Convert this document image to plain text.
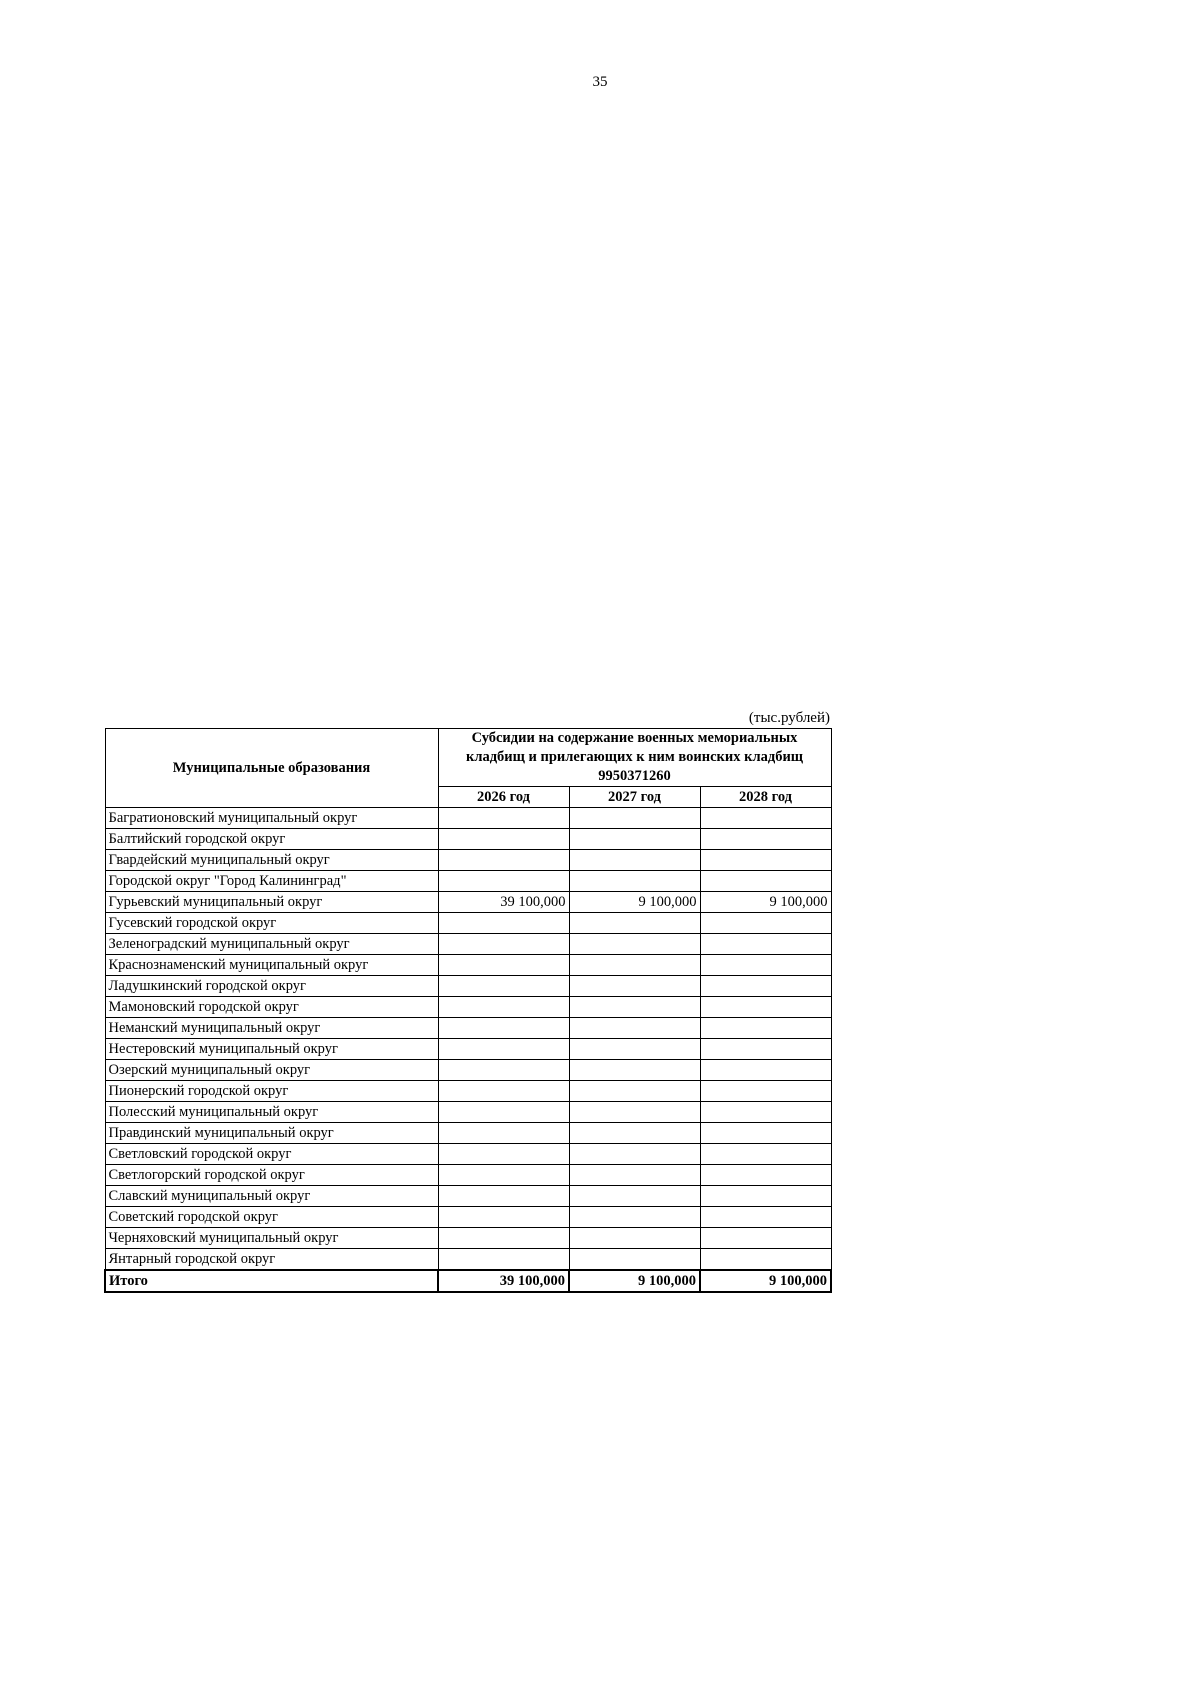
35
(тыс.рублей)
Муниципальные образования	Субсидии на содержание военных мемориальных
кладбищ и прилегающих к ним воинских кладбищ
9950371260		

	2026 год	2027 год	2028 год
Багратионовский муниципальный округ			
Балтийский городской округ			
Гвардейский муниципальный округ			
Городской округ "Город Калининград"			
Гурьевский муниципальный округ	39 100,000	9 100,000	9 100,000
Гусевский городской округ			
Зеленоградский муниципальный округ			
Краснознаменский муниципальный округ			
Ладушкинский городской округ			
Мамоновский городской округ			
Неманский муниципальный округ			
Нестеровский муниципальный округ			
Озерский муниципальный округ			
Пионерский городской округ			
Полесский муниципальный округ			
Правдинский муниципальный округ			
Светловский городской округ			
Светлогорский городской округ			
Славский муниципальный округ			
Советский городской округ			
Черняховский муниципальный округ			
Янтарный городской округ			
Итого	39 100,000	9 100,000	9 100,000
